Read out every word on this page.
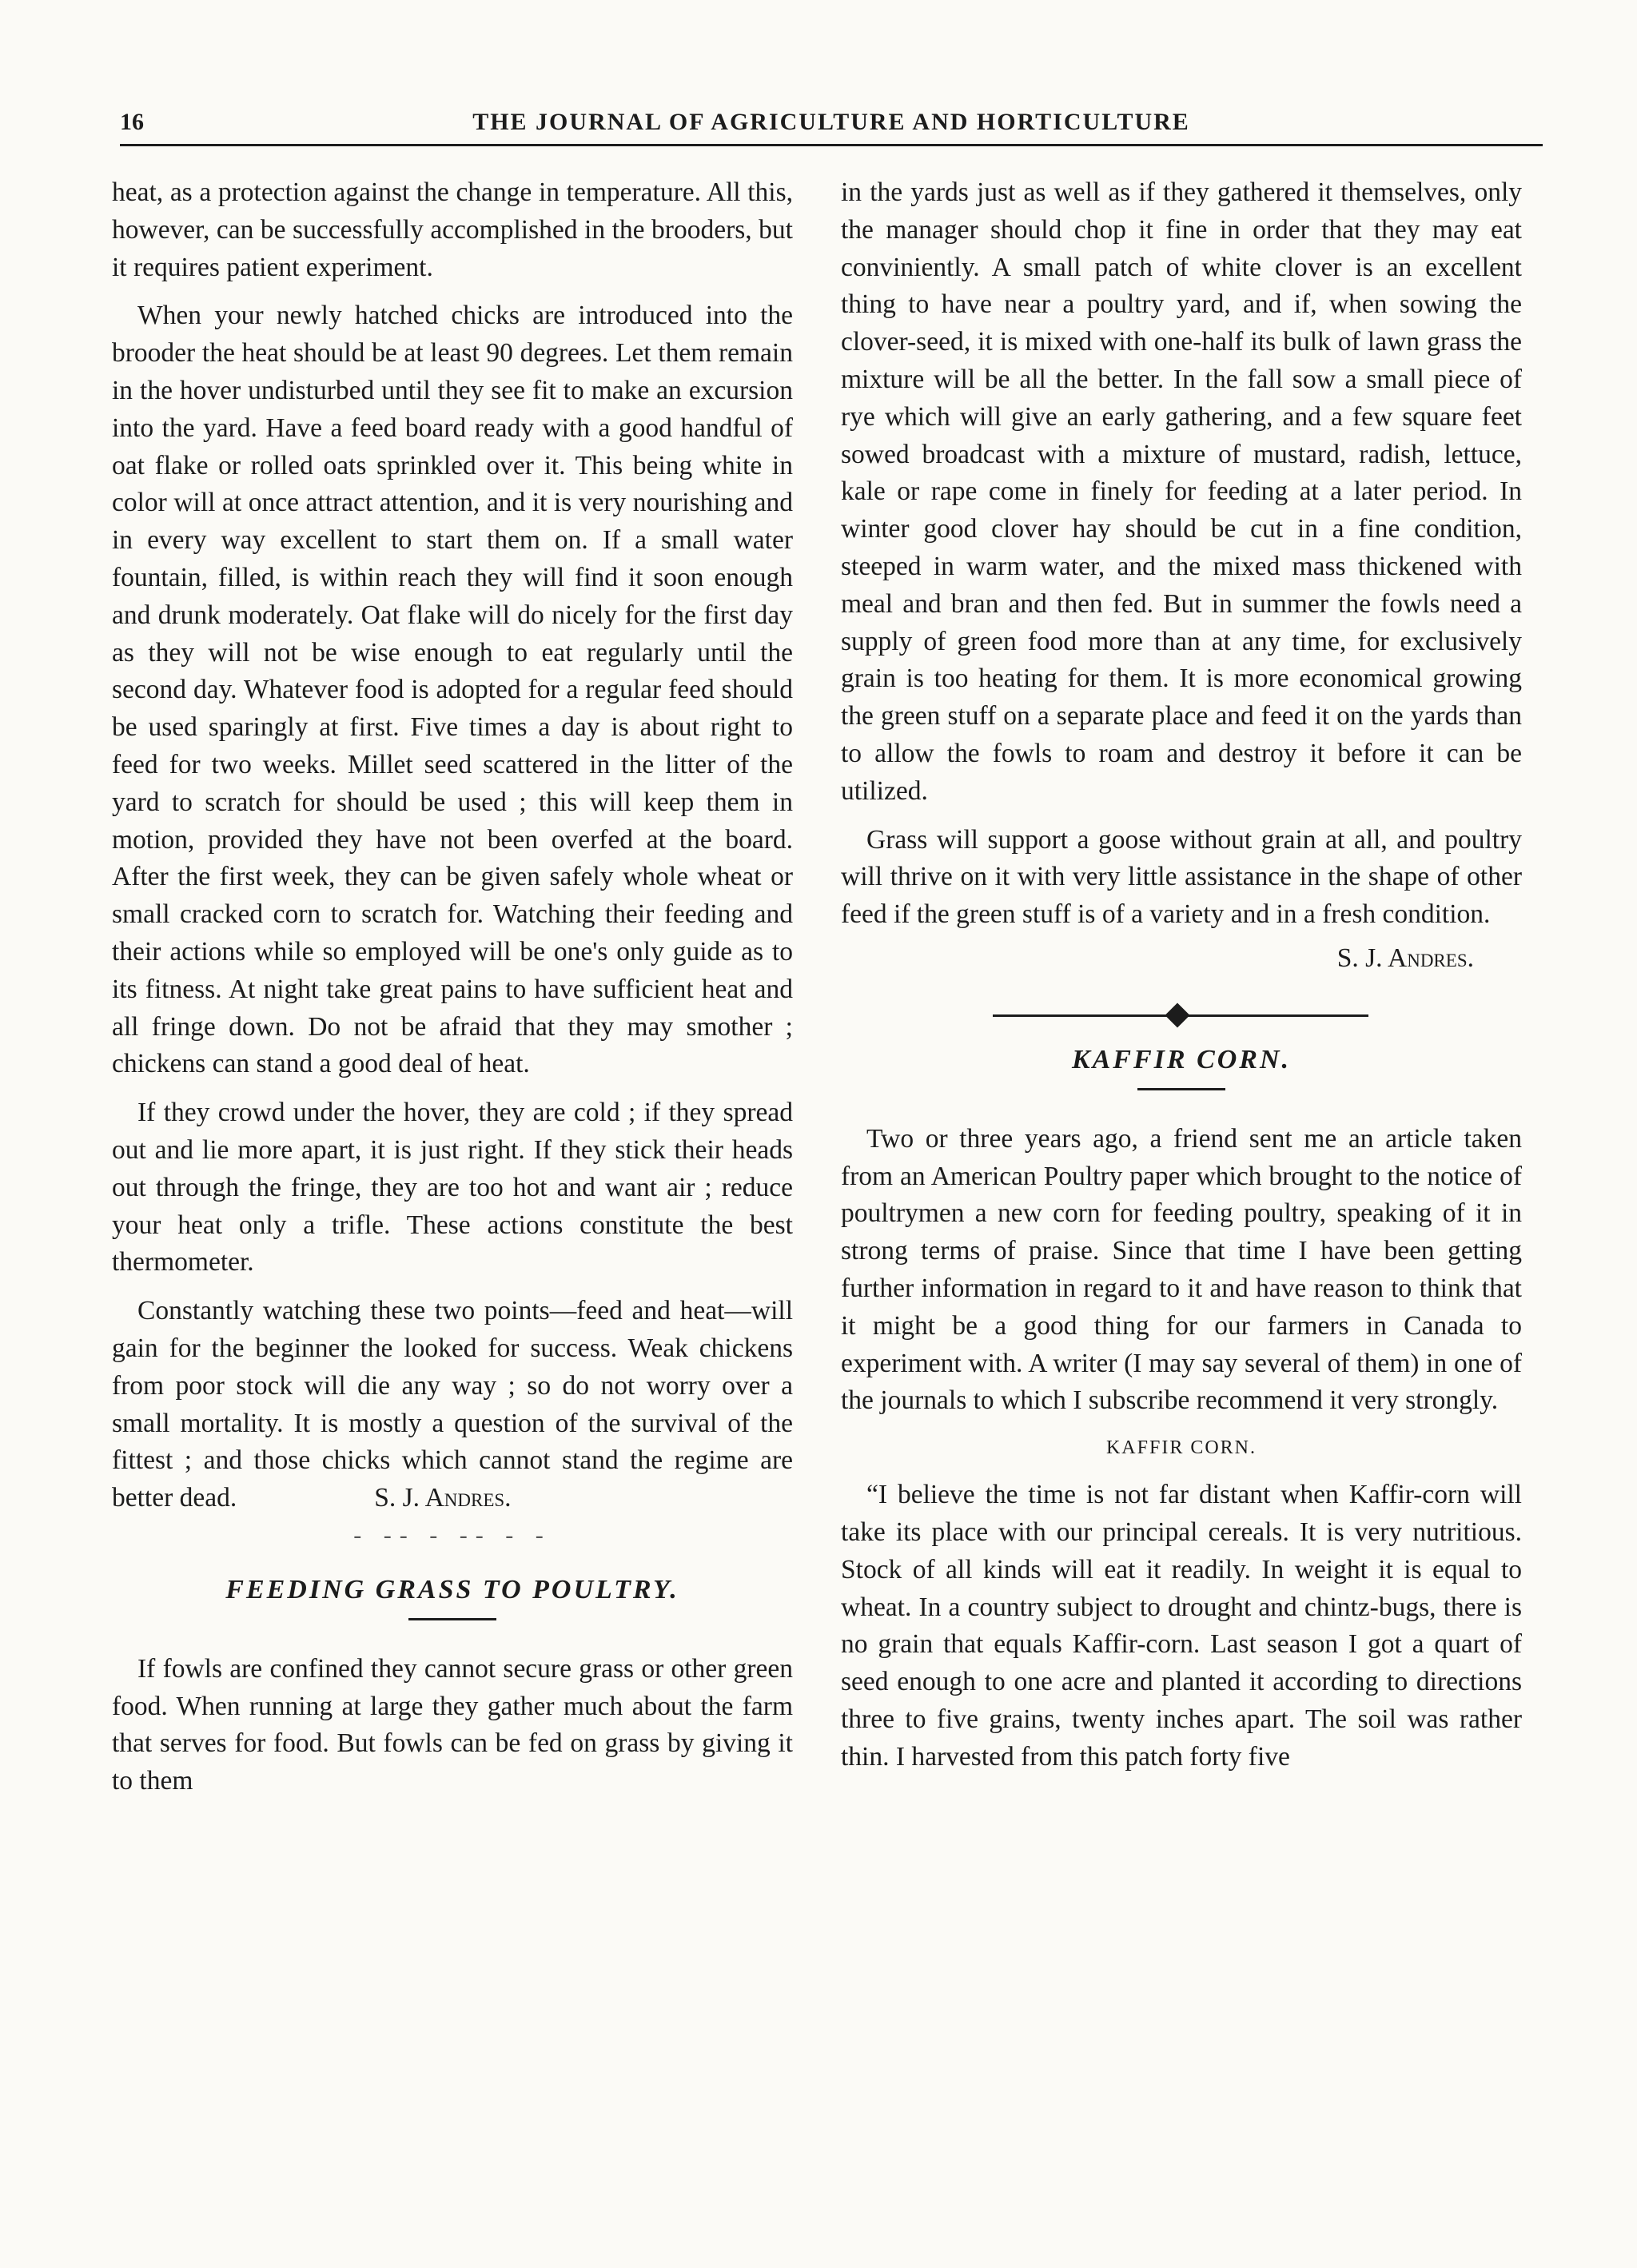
16	THE JOURNAL OF AGRICULTURE AND HORTICULTURE

heat, as a protection against the change in temperature. All this, however, can be successfully accomplished in the brooders, but it requires patient experiment.

When your newly hatched chicks are introduced into the brooder the heat should be at least 90 degrees. Let them remain in the hover undisturbed until they see fit to make an excursion into the yard. Have a feed board ready with a good handful of oat flake or rolled oats sprinkled over it. This being white in color will at once attract attention, and it is very nourishing and in every way excellent to start them on. If a small water fountain, filled, is within reach they will find it soon enough and drunk moderately. Oat flake will do nicely for the first day as they will not be wise enough to eat regularly until the second day. Whatever food is adopted for a regular feed should be used sparingly at first. Five times a day is about right to feed for two weeks. Millet seed scattered in the litter of the yard to scratch for should be used ; this will keep them in motion, provided they have not been overfed at the board. After the first week, they can be given safely whole wheat or small cracked corn to scratch for. Watching their feeding and their actions while so employed will be one's only guide as to its fitness. At night take great pains to have sufficient heat and all fringe down. Do not be afraid that they may smother ; chickens can stand a good deal of heat.

If they crowd under the hover, they are cold ; if they spread out and lie more apart, it is just right. If they stick their heads out through the fringe, they are too hot and want air ; reduce your heat only a trifle. These actions constitute the best thermometer.

Constantly watching these two points—feed and heat—will gain for the beginner the looked for success. Weak chickens from poor stock will die any way ; so do not worry over a small mortality. It is mostly a question of the survival of the fittest ; and those chicks which cannot stand the regime are better dead.	S. J. Andres.

- -- - -- - -
FEEDING GRASS TO POULTRY.

If fowls are confined they cannot secure grass or other green food. When running at large they gather much about the farm that serves for food. But fowls can be fed on grass by giving it to them

in the yards just as well as if they gathered it themselves, only the manager should chop it fine in order that they may eat conviniently. A small patch of white clover is an excellent thing to have near a poultry yard, and if, when sowing the clover-seed, it is mixed with one-half its bulk of lawn grass the mixture will be all the better. In the fall sow a small piece of rye which will give an early gathering, and a few square feet sowed broadcast with a mixture of mustard, radish, lettuce, kale or rape come in finely for feeding at a later period. In winter good clover hay should be cut in a fine condition, steeped in warm water, and the mixed mass thickened with meal and bran and then fed. But in summer the fowls need a supply of green food more than at any time, for exclusively grain is too heating for them. It is more economical growing the green stuff on a separate place and feed it on the yards than to allow the fowls to roam and destroy it before it can be utilized.

Grass will support a goose without grain at all, and poultry will thrive on it with very little assistance in the shape of other feed if the green stuff is of a variety and in a fresh condition.

S. J. Andres.
KAFFIR CORN.

Two or three years ago, a friend sent me an article taken from an American Poultry paper which brought to the notice of poultrymen a new corn for feeding poultry, speaking of it in strong terms of praise. Since that time I have been getting further information in regard to it and have reason to think that it might be a good thing for our farmers in Canada to experiment with. A writer (I may say several of them) in one of the journals to which I subscribe recommend it very strongly.

KAFFIR CORN.

“I believe the time is not far distant when Kaffir-corn will take its place with our principal cereals. It is very nutritious. Stock of all kinds will eat it readily. In weight it is equal to wheat. In a country subject to drought and chintz-bugs, there is no grain that equals Kaffir-corn. Last season I got a quart of seed enough to one acre and planted it according to directions three to five grains, twenty inches apart. The soil was rather thin. I harvested from this patch forty five
